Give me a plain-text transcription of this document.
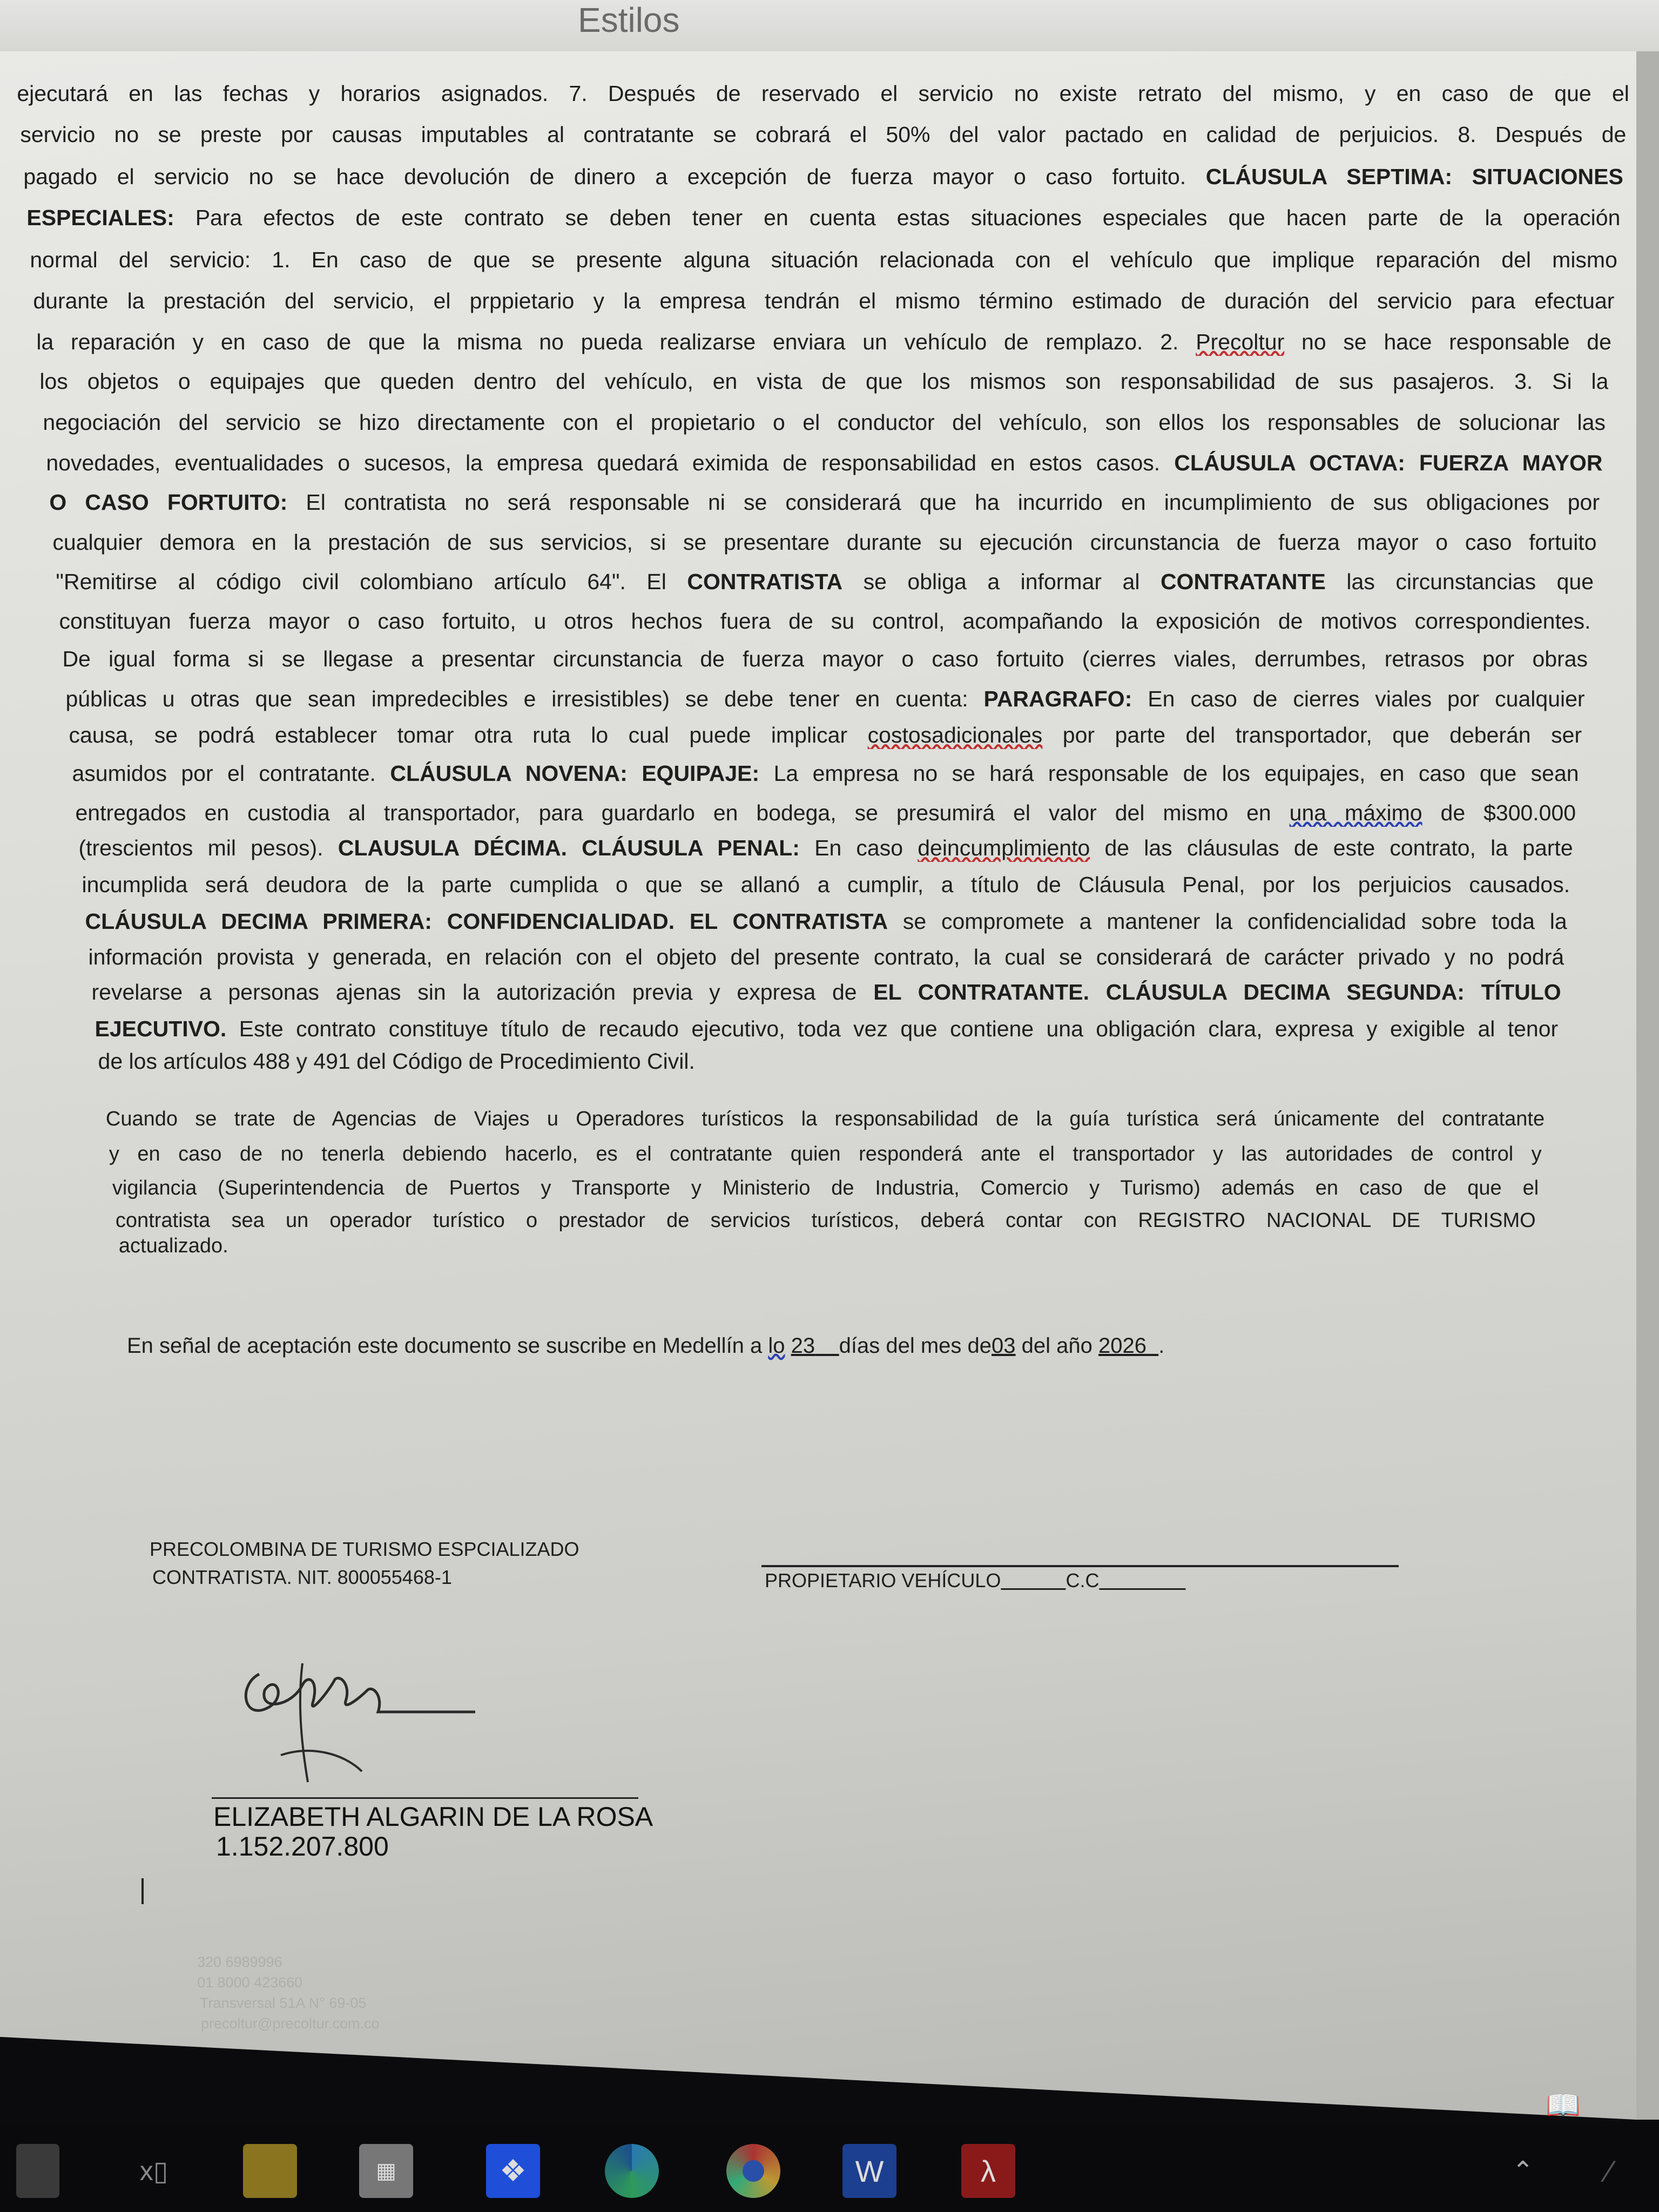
Estilos
ejecutará en las fechas y horarios asignados. 7. Después de reservado el servicio no existe retrato del mismo, y en caso de que el
servicio no se preste por causas imputables al contratante se cobrará el 50% del valor pactado en calidad de perjuicios. 8. Después de
pagado el servicio no se hace devolución de dinero a excepción de fuerza mayor o caso fortuito. CLÁUSULA SEPTIMA: SITUACIONES
ESPECIALES: Para efectos de este contrato se deben tener en cuenta estas situaciones especiales que hacen parte de la operación
normal del servicio: 1. En caso de que se presente alguna situación relacionada con el vehículo que implique reparación del mismo
durante la prestación del servicio, el prppietario y la empresa tendrán el mismo término estimado de duración del servicio para efectuar
la reparación y en caso de que la misma no pueda realizarse enviara un vehículo de remplazo. 2. Precoltur no se hace responsable de
los objetos o equipajes que queden dentro del vehículo, en vista de que los mismos son responsabilidad de sus pasajeros. 3. Si la
negociación del servicio se hizo directamente con el propietario o el conductor del vehículo, son ellos los responsables de solucionar las
novedades, eventualidades o sucesos, la empresa quedará eximida de responsabilidad en estos casos. CLÁUSULA OCTAVA: FUERZA MAYOR
O CASO FORTUITO: El contratista no será responsable ni se considerará que ha incurrido en incumplimiento de sus obligaciones por
cualquier demora en la prestación de sus servicios, si se presentare durante su ejecución circunstancia de fuerza mayor o caso fortuito
"Remitirse al código civil colombiano artículo 64". El CONTRATISTA se obliga a informar al CONTRATANTE las circunstancias que
constituyan fuerza mayor o caso fortuito, u otros hechos fuera de su control, acompañando la exposición de motivos correspondientes.
De igual forma si se llegase a presentar circunstancia de fuerza mayor o caso fortuito (cierres viales, derrumbes, retrasos por obras
públicas u otras que sean impredecibles e irresistibles) se debe tener en cuenta: PARAGRAFO: En caso de cierres viales por cualquier
causa, se podrá establecer tomar otra ruta lo cual puede implicar costosadicionales por parte del transportador, que deberán ser
asumidos por el contratante. CLÁUSULA NOVENA: EQUIPAJE: La empresa no se hará responsable de los equipajes, en caso que sean
entregados en custodia al transportador, para guardarlo en bodega, se presumirá el valor del mismo en una máximo de $300.000
(trescientos mil pesos). CLAUSULA DÉCIMA. CLÁUSULA PENAL: En caso deincumplimiento de las cláusulas de este contrato, la parte
incumplida será deudora de la parte cumplida o que se allanó a cumplir, a título de Cláusula Penal, por los perjuicios causados.
CLÁUSULA DECIMA PRIMERA: CONFIDENCIALIDAD. EL CONTRATISTA se compromete a mantener la confidencialidad sobre toda la
información provista y generada, en relación con el objeto del presente contrato, la cual se considerará de carácter privado y no podrá
revelarse a personas ajenas sin la autorización previa y expresa de EL CONTRATANTE. CLÁUSULA DECIMA SEGUNDA: TÍTULO
EJECUTIVO. Este contrato constituye título de recaudo ejecutivo, toda vez que contiene una obligación clara, expresa y exigible al tenor
de los artículos 488 y 491 del Código de Procedimiento Civil.
Cuando se trate de Agencias de Viajes u Operadores turísticos la responsabilidad de la guía turística será únicamente del contratante
y en caso de no tenerla debiendo hacerlo, es el contratante quien responderá ante el transportador y las autoridades de control y
vigilancia (Superintendencia de Puertos y Transporte y Ministerio de Industria, Comercio y Turismo) además en caso de que el
contratista sea un operador turístico o prestador de servicios turísticos, deberá contar con REGISTRO NACIONAL DE TURISMO
actualizado.
En señal de aceptación este documento se suscribe en Medellín a lo 23 días del mes de03 del año 2026 .
PRECOLOMBINA DE TURISMO ESPCIALIZADO
CONTRATISTA. NIT. 800055468-1	PROPIETARIO VEHÍCULO	C.C
ELIZABETH ALGARIN DE LA ROSA
1.152.207.800
320 6989996
01 8000 423660
Transversal 51A N° 69-05
precoltur@precoltur.com.co
📖
x▯	▦	❖	W	λ	⌃	∕
